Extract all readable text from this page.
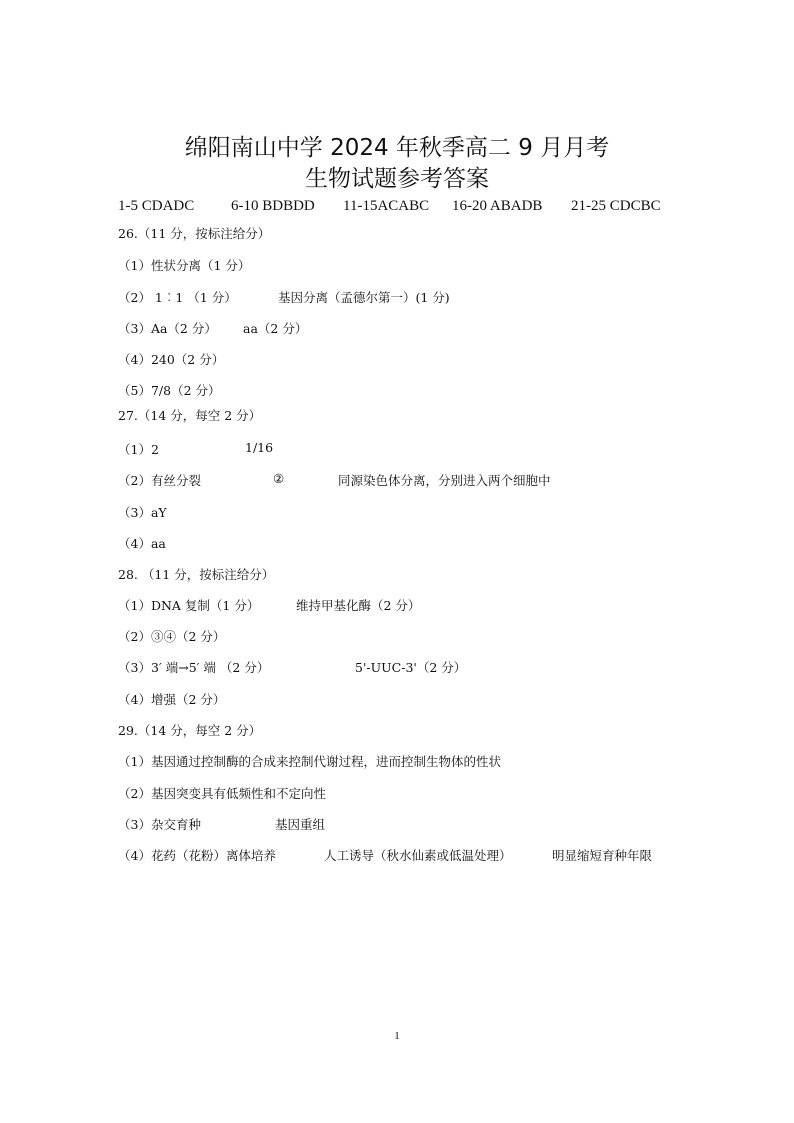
绵阳南山中学 2024 年秋季高二 9 月月考
生物试题参考答案
1-5 CDADC 6-10 BDBDD 11-15ACABC 16-20 ABADB 21-25 CDCBC
26.（11 分，按标注给分）
（1）性状分离（1 分）
（2） 1︰1 （1 分）	基因分离（孟德尔第一）(1 分)
（3）Aa（2 分） aa（2 分）
（4）240（2 分）
（5）7/8（2 分）
27.（14 分，每空 2 分）
（1）2	1/16
（2）有丝分裂	②	同源染色体分离，分别进入两个细胞中
（3）aY
（4）aa
28. （11 分，按标注给分）
（1）DNA 复制（1 分）	维持甲基化酶（2 分）
（2）③④（2 分）
（3）3′ 端→5′ 端 （2 分）	5'-UUC-3'（2 分）
（4）增强（2 分）
29.（14 分，每空 2 分）
（1）基因通过控制酶的合成来控制代谢过程，进而控制生物体的性状
（2）基因突变具有低频性和不定向性
（3）杂交育种	基因重组
（4）花药（花粉）离体培养	人工诱导（秋水仙素或低温处理）	明显缩短育种年限
1
